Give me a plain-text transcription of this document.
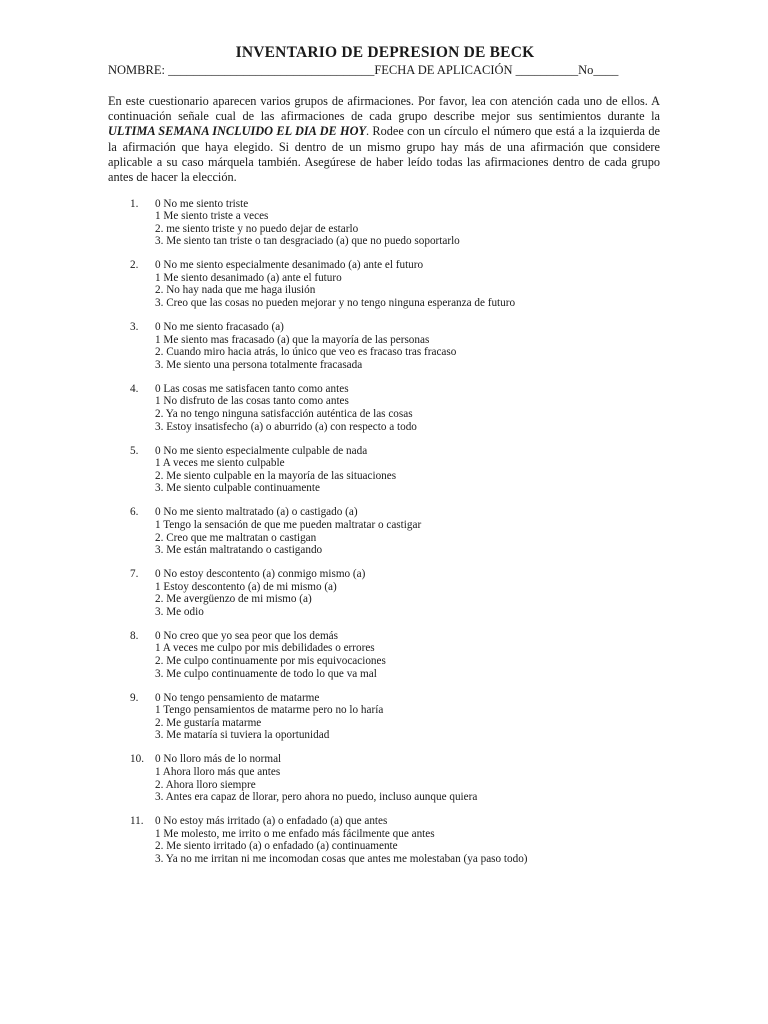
INVENTARIO DE DEPRESION DE BECK
NOMBRE: _________________________________FECHA DE APLICACIÓN __________No____

En este cuestionario aparecen varios grupos de afirmaciones. Por favor, lea con atención cada uno de ellos. A continuación señale cual de las afirmaciones de cada grupo describe mejor sus sentimientos durante la ULTIMA SEMANA INCLUIDO EL DIA DE HOY. Rodee con un círculo el número que está a la izquierda de la afirmación que haya elegido. Si dentro de un mismo grupo hay más de una afirmación que considere aplicable a su caso márquela también. Asegúrese de haber leído todas las afirmaciones dentro de cada grupo antes de hacer la elección.

1.	0 No me siento triste
1 Me siento triste a veces
2. me siento triste y no puedo dejar de estarlo
3. Me siento tan triste o tan desgraciado (a) que no puedo soportarlo
2.	0 No me siento especialmente desanimado (a) ante el futuro
1 Me siento desanimado (a) ante el futuro
2. No hay nada que me haga ilusión
3. Creo que las cosas no pueden mejorar y no tengo ninguna esperanza de futuro
3.	0 No me siento fracasado (a)
1 Me siento mas fracasado (a) que la mayoría de las personas
2. Cuando miro hacia atrás, lo único que veo es fracaso tras fracaso
3. Me siento una persona totalmente fracasada
4.	0 Las cosas me satisfacen tanto como antes
1 No disfruto de las cosas tanto como antes
2. Ya no tengo ninguna satisfacción auténtica de las cosas
3. Estoy insatisfecho (a) o aburrido (a) con respecto a todo
5.	0 No me siento especialmente culpable de nada
1 A veces me siento culpable
2. Me siento culpable en la mayoría de las situaciones
3. Me siento culpable continuamente
6.	0 No me siento maltratado (a) o castigado (a)
1 Tengo la sensación de que me pueden maltratar o castigar
2. Creo que me maltratan o castigan
3. Me están maltratando o castigando
7.	0 No estoy descontento (a) conmigo mismo (a)
1 Estoy descontento (a) de mi mismo (a)
2. Me avergüenzo de mi mismo (a)
3. Me odio
8.	0 No creo que yo sea peor que los demás
1 A veces me culpo por mis debilidades o errores
2. Me culpo continuamente por mis equivocaciones
3. Me culpo continuamente de todo lo que va mal
9.	0 No tengo pensamiento de matarme
1 Tengo pensamientos de matarme pero no lo haría
2. Me gustaría matarme
3. Me mataría si tuviera la oportunidad
10. 0 No lloro más de lo normal
1 Ahora lloro más que antes
2. Ahora lloro siempre
3. Antes era capaz de llorar, pero ahora no puedo, incluso aunque quiera
11.	0 No estoy más irritado (a) o enfadado (a) que antes
1 Me molesto, me irrito o me enfado más fácilmente que antes
2. Me siento irritado (a) o enfadado (a) continuamente
3. Ya no me irritan ni me incomodan cosas que antes me molestaban (ya paso todo)
